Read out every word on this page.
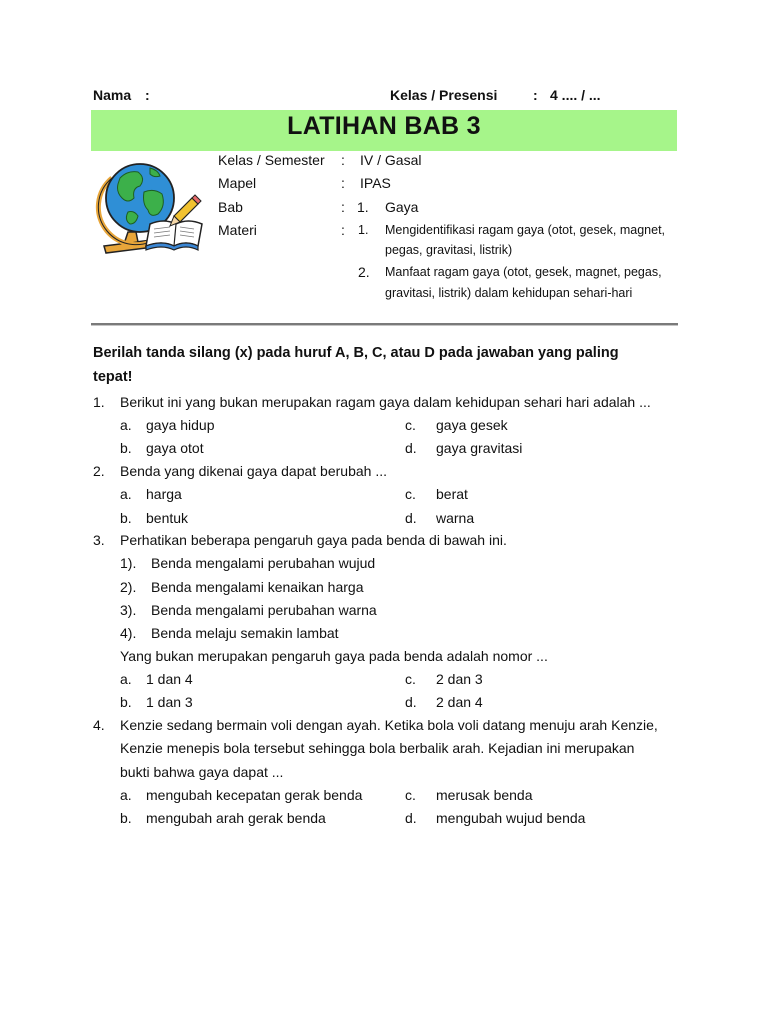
Nama :	Kelas / Presensi	: 4 .... / ...
LATIHAN BAB 3
Kelas / Semester : IV / Gasal
Mapel	: IPAS
Bab	: 1. Gaya
Materi	: 1. Mengidentifikasi ragam gaya (otot, gesek, magnet,
pegas, gravitasi, listrik)
2. Manfaat ragam gaya (otot, gesek, magnet, pegas,
gravitasi, listrik) dalam kehidupan sehari-hari
Berilah tanda silang (x) pada huruf A, B, C, atau D pada jawaban yang paling
tepat!
1. Berikut ini yang bukan merupakan ragam gaya dalam kehidupan sehari hari adalah ...
a. gaya hidup
b. gaya otot
c. gaya gesek
d. gaya gravitasi
2. Benda yang dikenai gaya dapat berubah ...
a. harga
b. bentuk
c. berat
d. warna
3. Perhatikan beberapa pengaruh gaya pada benda di bawah ini.
1). Benda mengalami perubahan wujud
2). Benda mengalami kenaikan harga
3). Benda mengalami perubahan warna
4). Benda melaju semakin lambat
Yang bukan merupakan pengaruh gaya pada benda adalah nomor ...
a. 1 dan 4
b. 1 dan 3
c. 2 dan 3
d. 2 dan 4
4. Kenzie sedang bermain voli dengan ayah. Ketika bola voli datang menuju arah Kenzie,
Kenzie menepis bola tersebut sehingga bola berbalik arah. Kejadian ini merupakan
bukti bahwa gaya dapat ...
a. mengubah kecepatan gerak benda
b. mengubah arah gerak benda
c. merusak benda
d. mengubah wujud benda
